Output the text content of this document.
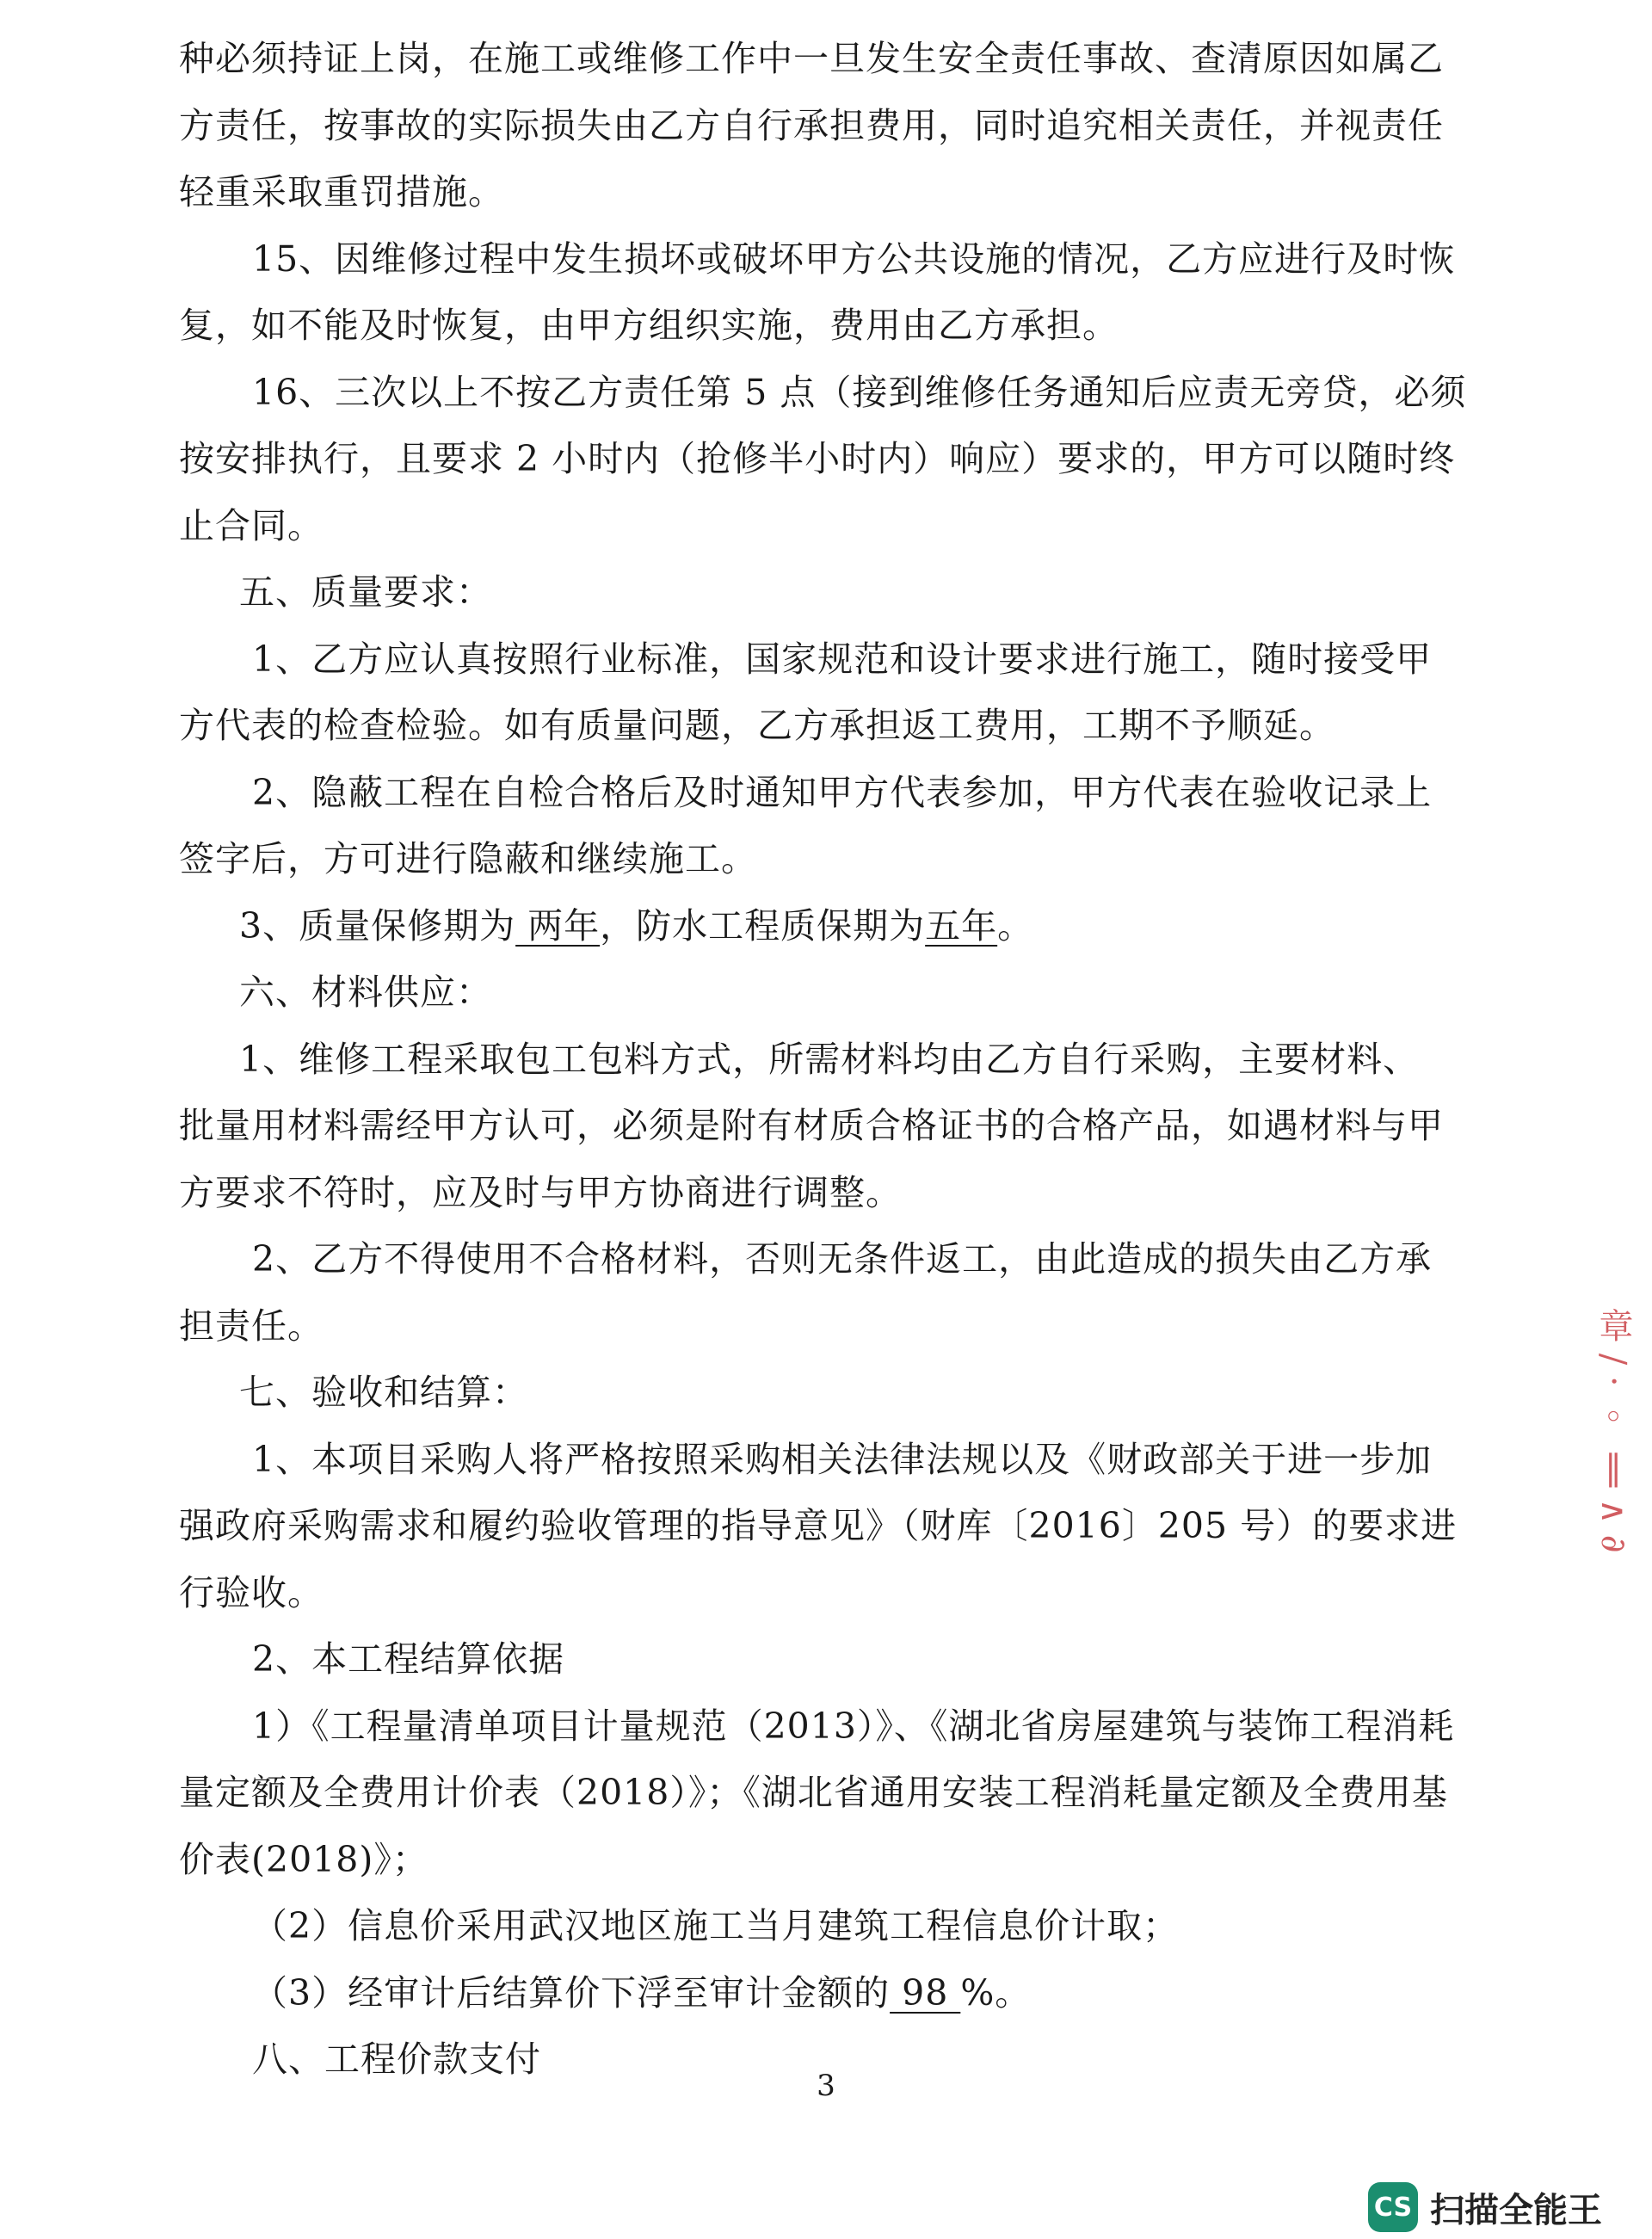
种必须持证上岗，在施工或维修工作中一旦发生安全责任事故、查清原因如属乙
方责任，按事故的实际损失由乙方自行承担费用，同时追究相关责任，并视责任
轻重采取重罚措施。
15、因维修过程中发生损坏或破坏甲方公共设施的情况，乙方应进行及时恢
复，如不能及时恢复，由甲方组织实施，费用由乙方承担。
16、三次以上不按乙方责任第 5 点（接到维修任务通知后应责无旁贷，必须
按安排执行，且要求 2 小时内（抢修半小时内）响应）要求的，甲方可以随时终
止合同。
五、质量要求：
1、乙方应认真按照行业标准，国家规范和设计要求进行施工，随时接受甲
方代表的检查检验。如有质量问题，乙方承担返工费用，工期不予顺延。
2、隐蔽工程在自检合格后及时通知甲方代表参加，甲方代表在验收记录上
签字后，方可进行隐蔽和继续施工。
3、质量保修期为 两年，防水工程质保期为五年。
六、材料供应：
1、维修工程采取包工包料方式，所需材料均由乙方自行采购，主要材料、
批量用材料需经甲方认可，必须是附有材质合格证书的合格产品，如遇材料与甲
方要求不符时，应及时与甲方协商进行调整。
2、乙方不得使用不合格材料，否则无条件返工，由此造成的损失由乙方承
担责任。
七、验收和结算：
1、本项目采购人将严格按照采购相关法律法规以及《财政部关于进一步加
强政府采购需求和履约验收管理的指导意见》（财库〔2016〕205 号）的要求进
行验收。
2、本工程结算依据
1）《工程量清单项目计量规范（2013）》、《湖北省房屋建筑与装饰工程消耗
量定额及全费用计价表（2018）》；《湖北省通用安装工程消耗量定额及全费用基
价表(2018)》；
（2）信息价采用武汉地区施工当月建筑工程信息价计取；
（3）经审计后结算价下浮至审计金额的 98 %。
八、工程价款支付
3
章 ∕ · ◦ ‖ ∧ ∂
CS 扫描全能王
